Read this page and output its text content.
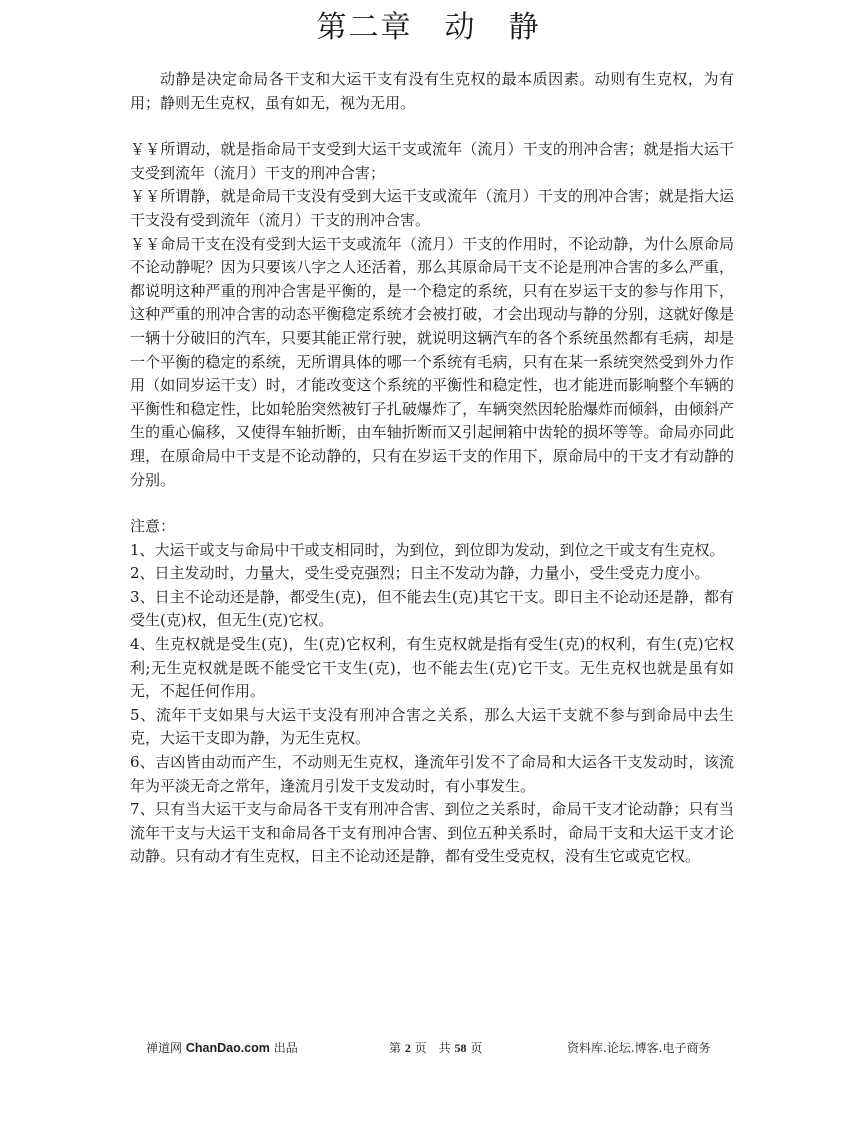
第二章　动　静

动静是决定命局各干支和大运干支有没有生克权的最本质因素。动则有生克权，为有用；静则无生克权，虽有如无，视为无用。

￥￥所谓动，就是指命局干支受到大运干支或流年（流月）干支的刑冲合害；就是指大运干支受到流年（流月）干支的刑冲合害；

￥￥所谓静，就是命局干支没有受到大运干支或流年（流月）干支的刑冲合害；就是指大运干支没有受到流年（流月）干支的刑冲合害。

￥￥命局干支在没有受到大运干支或流年（流月）干支的作用时，不论动静，为什么原命局不论动静呢？因为只要该八字之人还活着，那么其原命局干支不论是刑冲合害的多么严重，都说明这种严重的刑冲合害是平衡的，是一个稳定的系统，只有在岁运干支的参与作用下，这种严重的刑冲合害的动态平衡稳定系统才会被打破，才会出现动与静的分别，这就好像是一辆十分破旧的汽车，只要其能正常行驶，就说明这辆汽车的各个系统虽然都有毛病，却是一个平衡的稳定的系统，无所谓具体的哪一个系统有毛病，只有在某一系统突然受到外力作用（如同岁运干支）时，才能改变这个系统的平衡性和稳定性，也才能进而影响整个车辆的平衡性和稳定性，比如轮胎突然被钉子扎破爆炸了，车辆突然因轮胎爆炸而倾斜，由倾斜产生的重心偏移，又使得车轴折断，由车轴折断而又引起闸箱中齿轮的损坏等等。命局亦同此理，在原命局中干支是不论动静的，只有在岁运干支的作用下，原命局中的干支才有动静的分别。

注意：

1、大运干或支与命局中干或支相同时，为到位，到位即为发动，到位之干或支有生克权。

2、日主发动时，力量大，受生受克强烈；日主不发动为静，力量小，受生受克力度小。

3、日主不论动还是静，都受生(克)，但不能去生(克)其它干支。即日主不论动还是静，都有受生(克)权，但无生(克)它权。

4、生克权就是受生(克)，生(克)它权利，有生克权就是指有受生(克)的权利，有生(克)它权利;无生克权就是既不能受它干支生(克)，也不能去生(克)它干支。无生克权也就是虽有如无，不起任何作用。

5、流年干支如果与大运干支没有刑冲合害之关系，那么大运干支就不参与到命局中去生克，大运干支即为静，为无生克权。

6、吉凶皆由动而产生，不动则无生克权，逢流年引发不了命局和大运各干支发动时，该流年为平淡无奇之常年，逢流月引发干支发动时，有小事发生。

7、只有当大运干支与命局各干支有刑冲合害、到位之关系时，命局干支才论动静；只有当流年干支与大运干支和命局各干支有刑冲合害、到位五种关系时，命局干支和大运干支才论动静。只有动才有生克权，日主不论动还是静，都有受生受克权，没有生它或克它权。

禅道网 ChanDao.com 出品	第 2 页　共 58 页	资料库.论坛.博客.电子商务
